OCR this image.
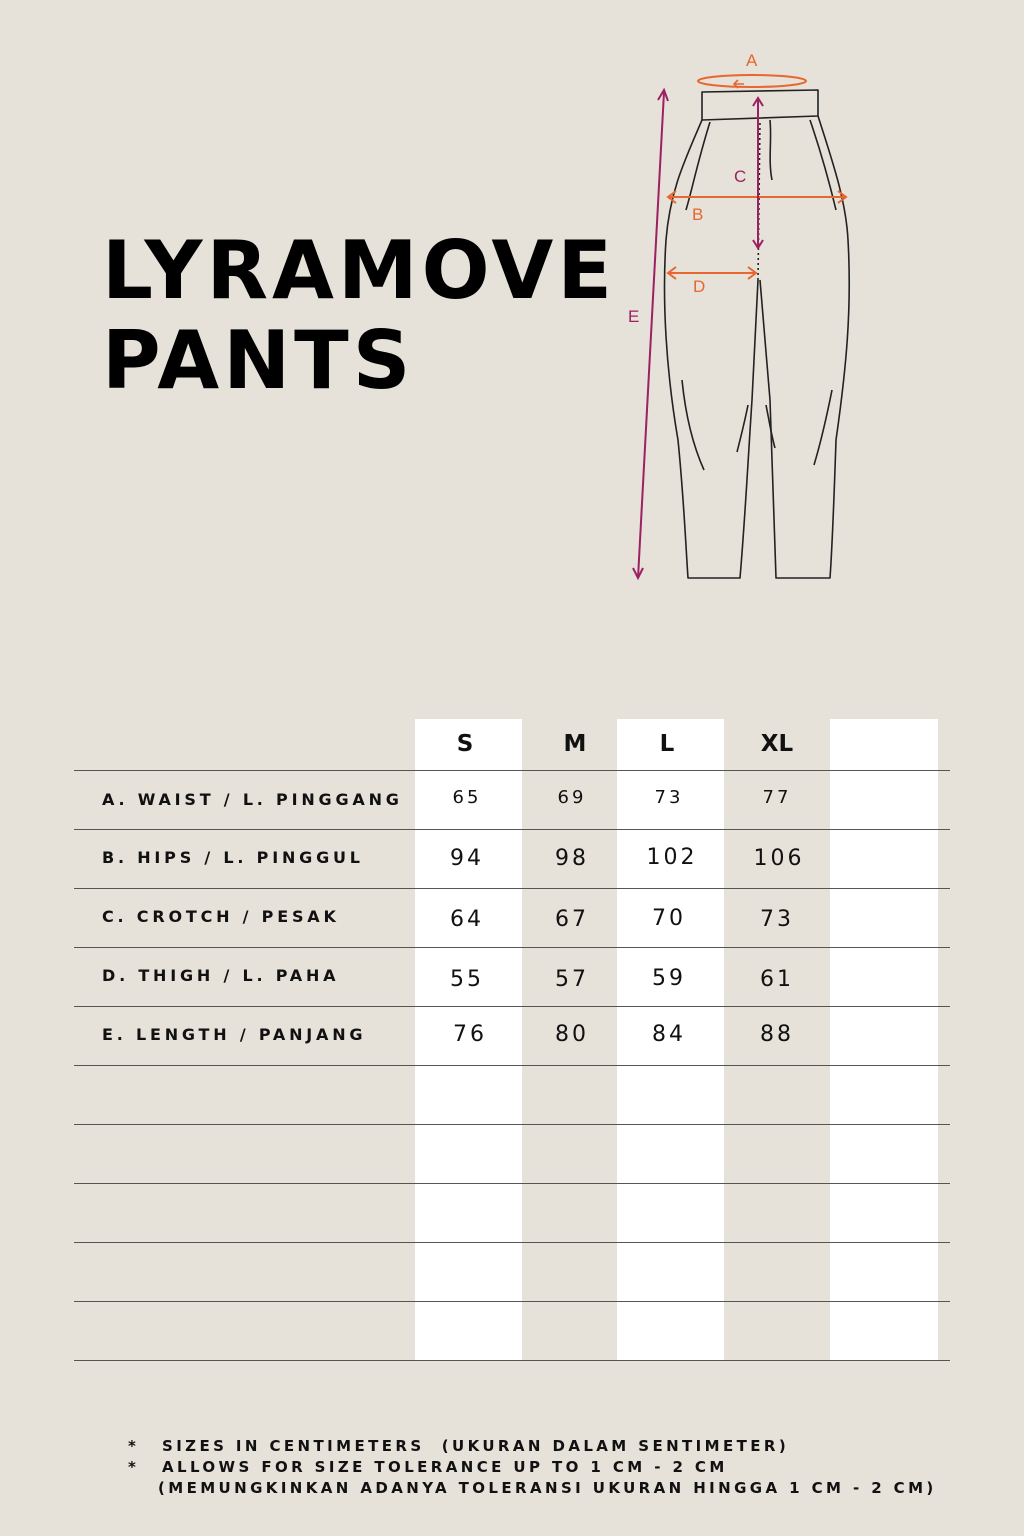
LYRAMOVE
PANTS
A
B
C
D
E
S	M	L	XL
A. WAIST / L. PINGGANG	65	69	73	77
B. HIPS / L. PINGGUL	94	98	102	106
C. CROTCH / PESAK	64	67	70	73
D. THIGH / L. PAHA	55	57	59	61
E. LENGTH / PANJANG	76	80	84	88
*	SIZES IN CENTIMETERS  (UKURAN DALAM SENTIMETER)
*	ALLOWS FOR SIZE TOLERANCE UP TO 1 CM - 2 CM
(MEMUNGKINKAN ADANYA TOLERANSI UKURAN HINGGA 1 CM - 2 CM)
